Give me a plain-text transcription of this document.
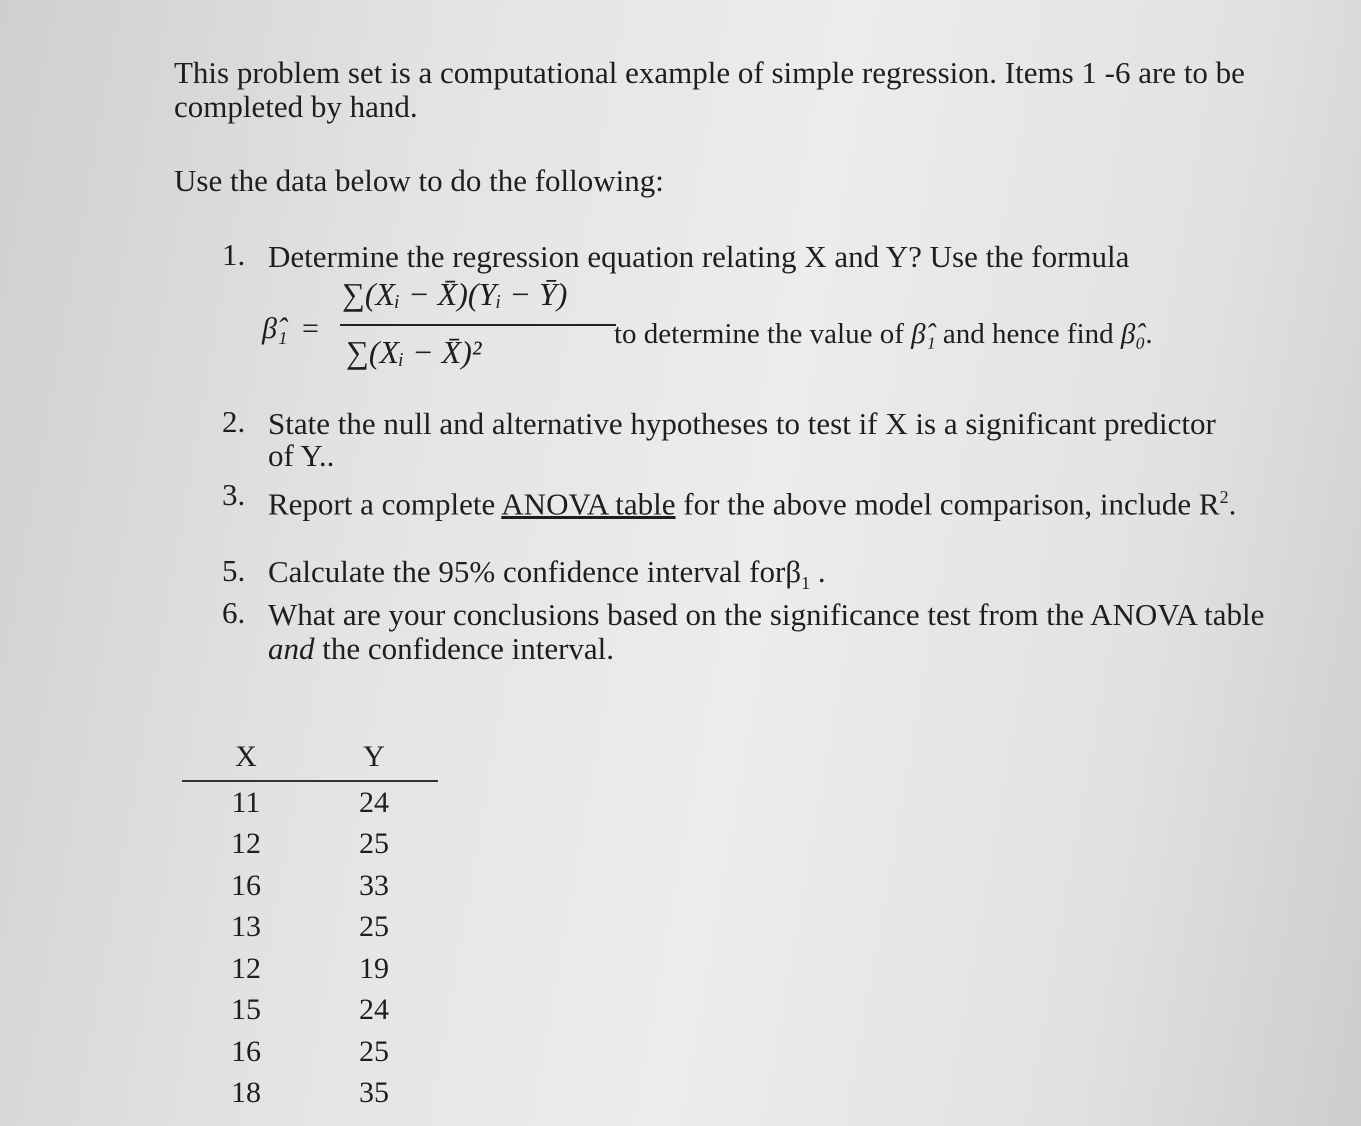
This problem set is a computational example of simple regression. Items 1 -6 are to be
completed by hand.
Use the data below to do the following:
1. Determine the regression equation relating X and Y? Use the formula
β̂₁ =
∑(Xᵢ − X̄)(Yᵢ − Ȳ)
∑(Xᵢ − X̄)²	to determine the value of β̂₁ and hence find β̂₀.
2. State the null and alternative hypotheses to test if X is a significant predictor
of Y..
3. Report a complete ANOVA table for the above model comparison, include $R^2$.
5. Calculate the 95% confidence interval forβ$_1$ .
6. What are your conclusions based on the significance test from the ANOVA table
and the confidence interval.
X	Y
11	24
12	25
16	33
13	25
12	19
15	24
16	25
18	35
